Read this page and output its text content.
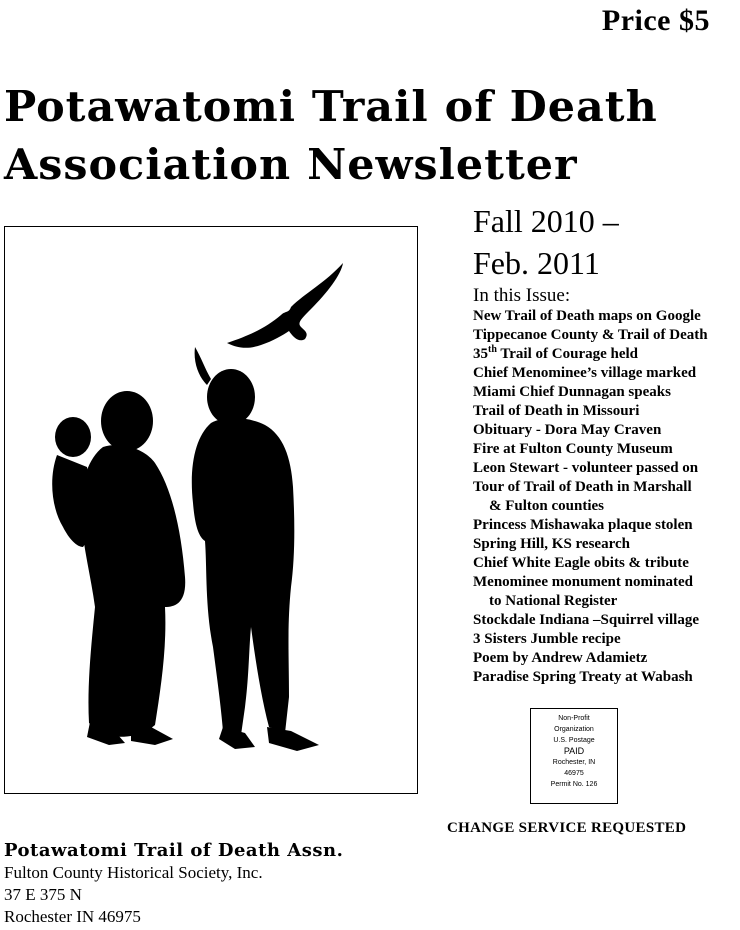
Price $5
Potawatomi Trail of Death
Association Newsletter
Fall 2010 –
Feb. 2011
In this Issue:
New Trail of Death maps on Google
Tippecanoe County & Trail of Death
35th Trail of Courage held
Chief Menominee’s village marked
Miami Chief Dunnagan speaks
Trail of Death in Missouri
Obituary - Dora May Craven
Fire at Fulton County Museum
Leon Stewart - volunteer passed on
Tour of Trail of Death in Marshall
& Fulton counties
Princess Mishawaka plaque stolen
Spring Hill, KS research
Chief White Eagle obits & tribute
Menominee monument nominated
to National Register
Stockdale Indiana –Squirrel village
3 Sisters Jumble recipe
Poem by Andrew Adamietz
Paradise Spring Treaty at Wabash
Non-Profit
Organization
U.S. Postage
PAID
Rochester, IN
46975
Permit No. 126
CHANGE SERVICE REQUESTED
Potawatomi Trail of Death Assn.
Fulton County Historical Society, Inc.
37 E 375 N
Rochester IN 46975
